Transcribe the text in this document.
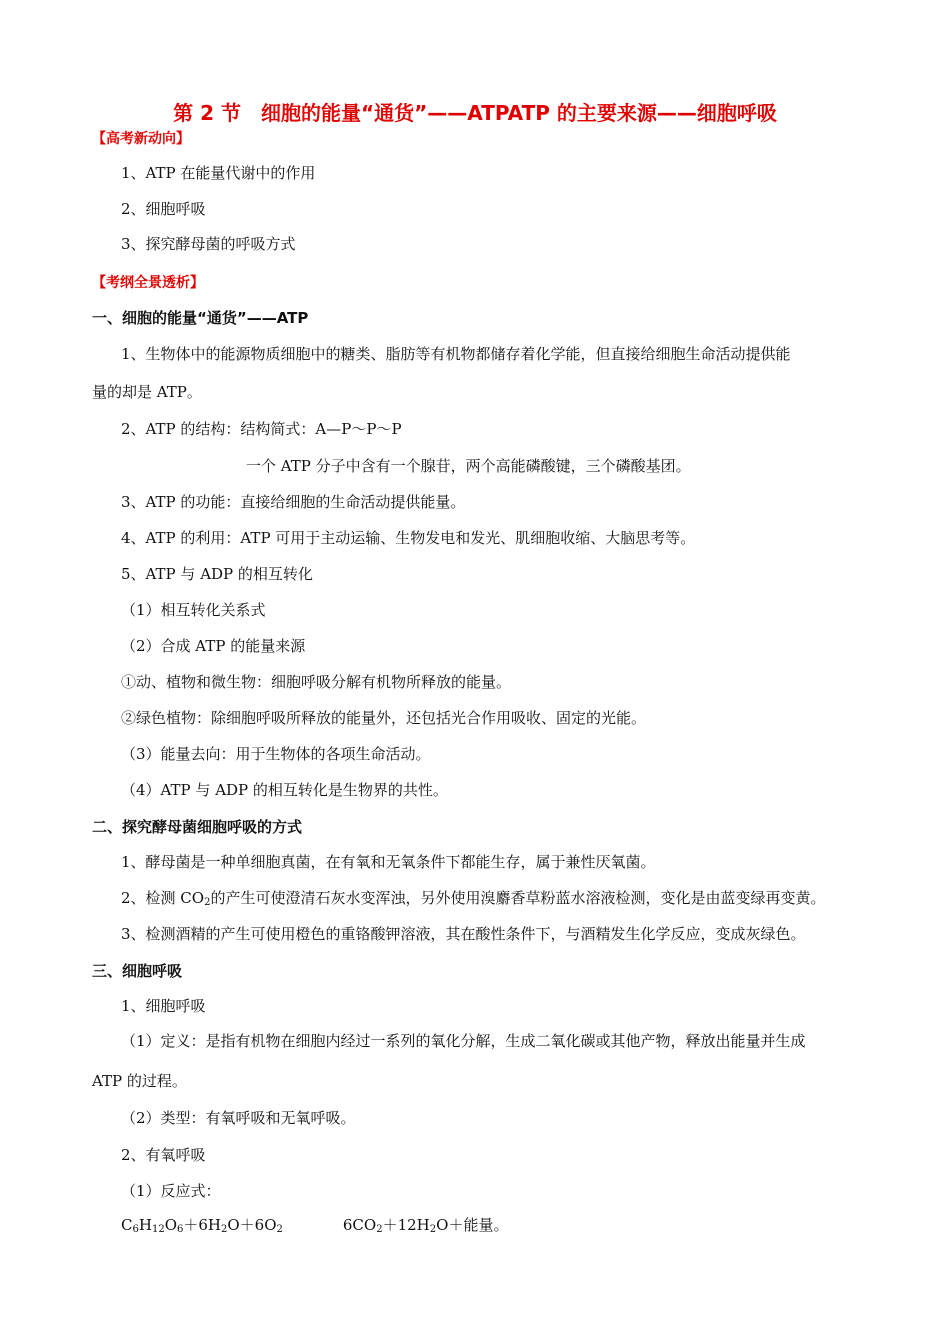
第 2 节　细胞的能量“通货”——ATPATP 的主要来源——细胞呼吸
【高考新动向】
1、ATP 在能量代谢中的作用
2、细胞呼吸
3、探究酵母菌的呼吸方式
【考纲全景透析】
一、细胞的能量“通货”——ATP
1、生物体中的能源物质细胞中的糖类、脂肪等有机物都储存着化学能，但直接给细胞生命活动提供能
量的却是 ATP。
2、ATP 的结构：结构简式：A—P～P～P
一个 ATP 分子中含有一个腺苷，两个高能磷酸键，三个磷酸基团。
3、ATP 的功能：直接给细胞的生命活动提供能量。
4、ATP 的利用：ATP 可用于主动运输、生物发电和发光、肌细胞收缩、大脑思考等。
5、ATP 与 ADP 的相互转化
（1）相互转化关系式
（2）合成 ATP 的能量来源
①动、植物和微生物：细胞呼吸分解有机物所释放的能量。
②绿色植物：除细胞呼吸所释放的能量外，还包括光合作用吸收、固定的光能。
（3）能量去向：用于生物体的各项生命活动。
（4）ATP 与 ADP 的相互转化是生物界的共性。
二、探究酵母菌细胞呼吸的方式
1、酵母菌是一种单细胞真菌，在有氧和无氧条件下都能生存，属于兼性厌氧菌。
2、检测 $CO_2$的产生可使澄清石灰水变浑浊，另外使用溴麝香草粉蓝水溶液检测，变化是由蓝变绿再变黄。
3、检测酒精的产生可使用橙色的重铬酸钾溶液，其在酸性条件下，与酒精发生化学反应，变成灰绿色。
三、细胞呼吸
1、细胞呼吸
（1）定义：是指有机物在细胞内经过一系列的氧化分解，生成二氧化碳或其他产物，释放出能量并生成
ATP 的过程。
（2）类型：有氧呼吸和无氧呼吸。
2、有氧呼吸
（1）反应式：
$C_6H_{12}O_6+6H_2O+6O_2$	$6CO_2+12H_2O+$能量。
